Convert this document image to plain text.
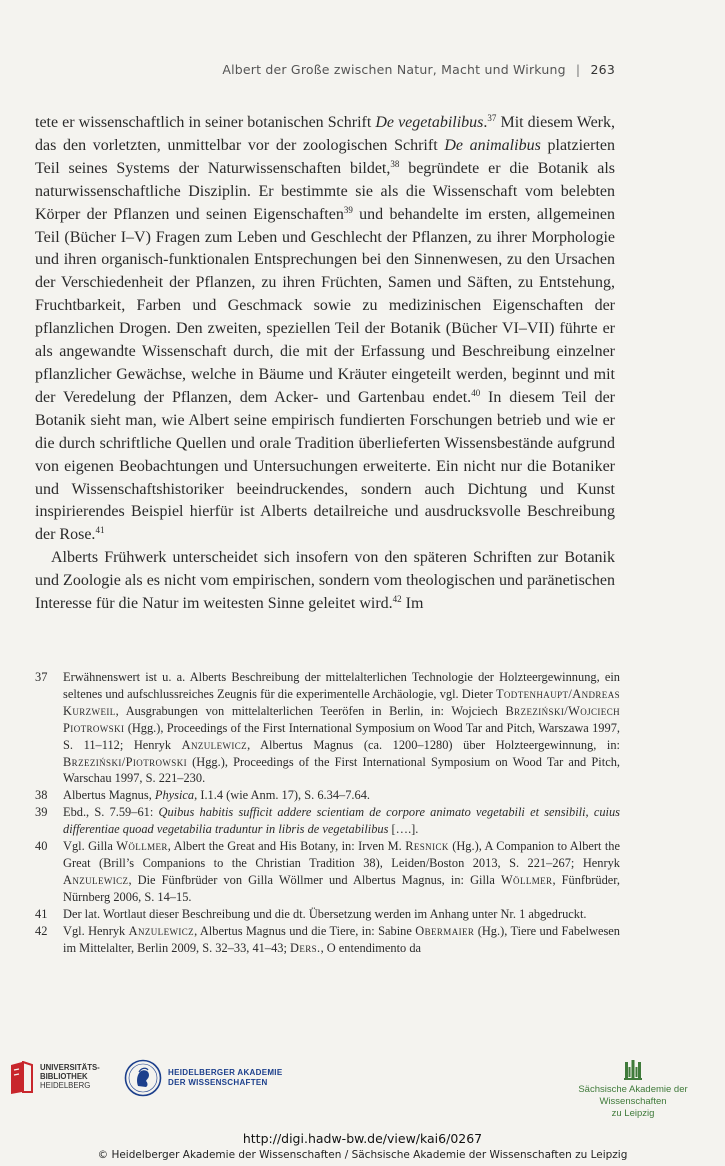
Albert der Große zwischen Natur, Macht und Wirkung | 263

tete er wissenschaftlich in seiner botanischen Schrift De vegetabilibus.$^{37}$ Mit diesem Werk, das den vorletzten, unmittelbar vor der zoologischen Schrift De animalibus platzierten Teil seines Systems der Naturwissenschaften bildet,$^{38}$ begründete er die Botanik als naturwissenschaftliche Disziplin. Er bestimmte sie als die Wissenschaft vom belebten Körper der Pflanzen und seinen Eigenschaften$^{39}$ und behandelte im ersten, allgemeinen Teil (Bücher I–V) Fragen zum Leben und Geschlecht der Pflanzen, zu ihrer Morphologie und ihren organisch-funktionalen Entsprechungen bei den Sinnenwesen, zu den Ursachen der Verschiedenheit der Pflanzen, zu ihren Früchten, Samen und Säften, zu Entstehung, Fruchtbarkeit, Farben und Geschmack sowie zu medizinischen Eigenschaften der pflanzlichen Drogen. Den zweiten, speziellen Teil der Botanik (Bücher VI–VII) führte er als angewandte Wissenschaft durch, die mit der Erfassung und Beschreibung einzelner pflanzlicher Gewächse, welche in Bäume und Kräuter eingeteilt werden, beginnt und mit der Veredelung der Pflanzen, dem Acker- und Gartenbau endet.$^{40}$ In diesem Teil der Botanik sieht man, wie Albert seine empirisch fundierten Forschungen betrieb und wie er die durch schriftliche Quellen und orale Tradition überlieferten Wissensbestände aufgrund von eigenen Beobachtungen und Untersuchungen erweiterte. Ein nicht nur die Botaniker und Wissenschaftshistoriker beeindruckendes, sondern auch Dichtung und Kunst inspirierendes Beispiel hierfür ist Alberts detailreiche und ausdrucksvolle Beschreibung der Rose.$^{41}$

Alberts Frühwerk unterscheidet sich insofern von den späteren Schriften zur Botanik und Zoologie als es nicht vom empirischen, sondern vom theologischen und paränetischen Interesse für die Natur im weitesten Sinne geleitet wird.$^{42}$ Im

37	Erwähnenswert ist u. a. Alberts Beschreibung der mittelalterlichen Technologie der Holzteergewinnung, ein seltenes und aufschlussreiches Zeugnis für die experimentelle Archäologie, vgl. Dieter Todtenhaupt/Andreas Kurzweil, Ausgrabungen von mittelalterlichen Teeröfen in Berlin, in: Wojciech Brzeziński/Wojciech Piotrowski (Hgg.), Proceedings of the First International Symposium on Wood Tar and Pitch, Warszawa 1997, S. 11–112; Henryk Anzulewicz, Albertus Magnus (ca. 1200–1280) über Holzteergewinnung, in: Brzeziński/Piotrowski (Hgg.), Proceedings of the First International Symposium on Wood Tar and Pitch, Warschau 1997, S. 221–230.
38	Albertus Magnus, Physica, I.1.4 (wie Anm. 17), S. 6.34–7.64.
39	Ebd., S. 7.59–61: Quibus habitis sufficit addere scientiam de corpore animato vegetabili et sensibili, cuius differentiae quoad vegetabilia traduntur in libris de vegetabilibus [….].
40	Vgl. Gilla Wöllmer, Albert the Great and His Botany, in: Irven M. Resnick (Hg.), A Companion to Albert the Great (Brill’s Companions to the Christian Tradition 38), Leiden/Boston 2013, S. 221–267; Henryk Anzulewicz, Die Fünfbrüder von Gilla Wöllmer und Albertus Magnus, in: Gilla Wöllmer, Fünfbrüder, Nürnberg 2006, S. 14–15.
41	Der lat. Wortlaut dieser Beschreibung und die dt. Übersetzung werden im Anhang unter Nr. 1 abgedruckt.
42	Vgl. Henryk Anzulewicz, Albertus Magnus und die Tiere, in: Sabine Obermaier (Hg.), Tiere und Fabelwesen im Mittelalter, Berlin 2009, S. 32–33, 41–43; Ders., O entendimento da
UNIVERSITÄTS-
BIBLIOTHEK
HEIDELBERG
HEIDELBERGER AKADEMIE
DER WISSENSCHAFTEN
Sächsische Akademie der Wissenschaften
zu Leipzig
http://digi.hadw-bw.de/view/kai6/0267
© Heidelberger Akademie der Wissenschaften / Sächsische Akademie der Wissenschaften zu Leipzig
